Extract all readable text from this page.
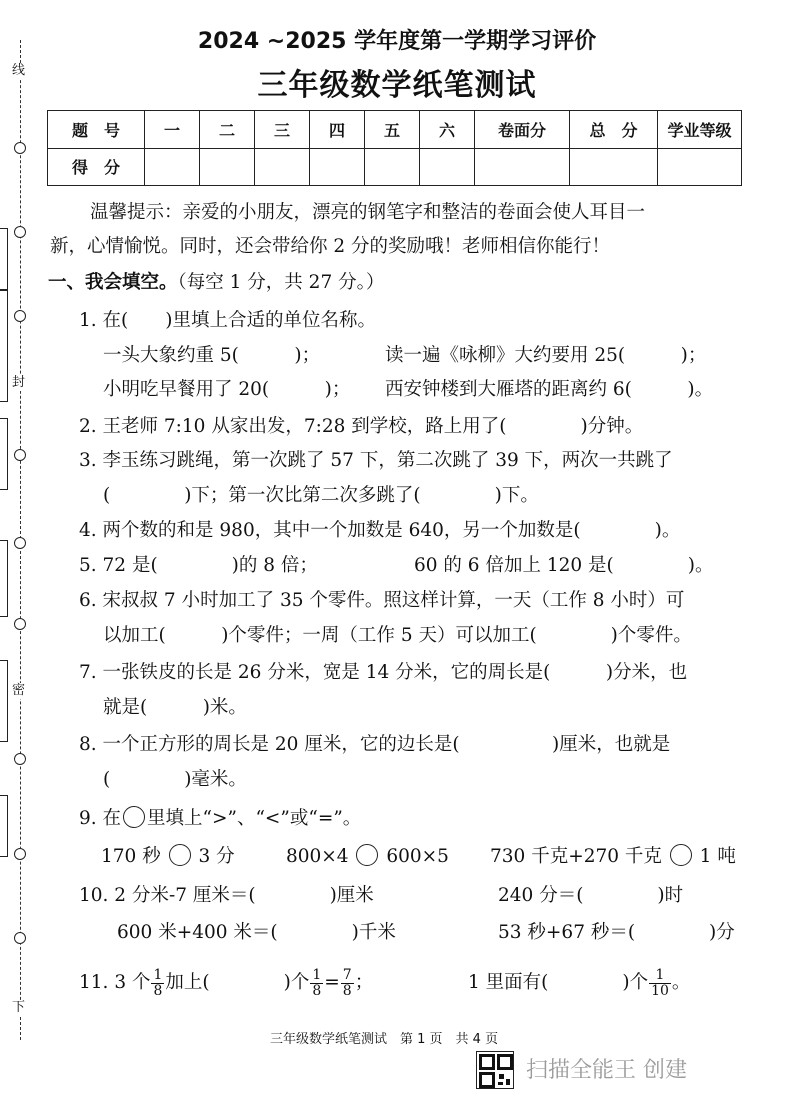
线
封
密
下
2024 ~2025 学年度第一学期学习评价
三年级数学纸笔测试
题　号	一	二	三	四	五	六	卷面分	总　分	学业等级
得　分									
温馨提示：亲爱的小朋友，漂亮的钢笔字和整洁的卷面会使人耳目一
新，心情愉悦。同时，还会带给你 2 分的奖励哦！老师相信你能行！
一、我会填空。（每空 1 分，共 27 分。）
1. 在(　　)里填上合适的单位名称。
一头大象约重 5(　　　)；	读一遍《咏柳》大约要用 25(　　　)；
小明吃早餐用了 20(　　　)； 西安钟楼到大雁塔的距离约 6(　　　)。
2. 王老师 7:10 从家出发，7:28 到学校，路上用了(　　　　)分钟。
3. 李玉练习跳绳，第一次跳了 57 下，第二次跳了 39 下，两次一共跳了
(　　　　)下；第一次比第二次多跳了(　　　　)下。
4. 两个数的和是 980，其中一个加数是 640，另一个加数是(　　　　)。
5. 72 是(　　　　)的 8 倍；	60 的 6 倍加上 120 是(　　　　)。
6. 宋叔叔 7 小时加工了 35 个零件。照这样计算，一天（工作 8 小时）可
以加工(　　　)个零件；一周（工作 5 天）可以加工(　　　　)个零件。
7. 一张铁皮的长是 26 分米，宽是 14 分米，它的周长是(　　　)分米，也
就是(　　　)米。
8. 一个正方形的周长是 20 厘米，它的边长是(　　　　　)厘米，也就是
(　　　　)毫米。
9. 在 里填上“>”、“<”或“=”。
170 秒 3 分	800×4 600×5 730 千克+270 千克 1 吨
10. 2 分米-7 厘米＝(　　　　)厘米	240 分＝(　　　　)时
600 米+400 米＝(　　　　)千米	53 秒+67 秒＝(　　　　)分
11. 3 个 $\frac{1}{8}$ 加上(　　　　)个 $\frac{1}{8} = \frac{7}{8}$ ；	1 里面有(　　　　)个 $\frac{1}{10}$ 。
三年级数学纸笔测试　第 1 页　共 4 页
扫描全能王 创建
